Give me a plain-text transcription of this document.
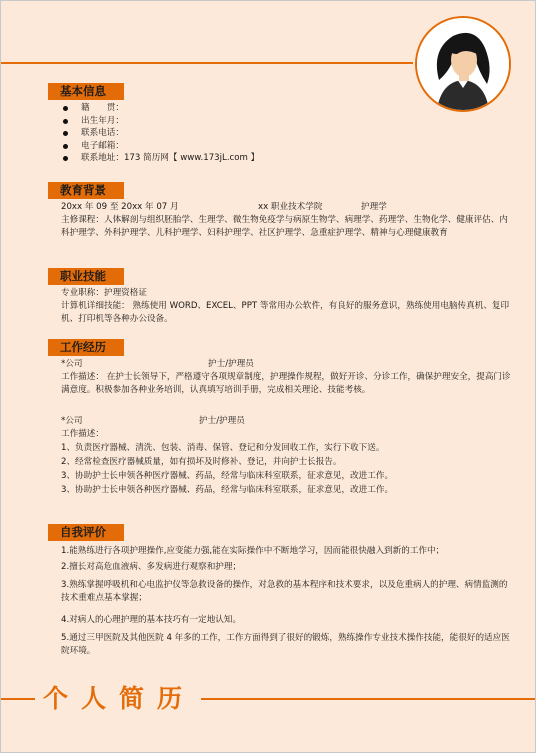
基本信息
籍　　贯：
出生年月：
联系电话：
电子邮箱：
联系地址：173 简历网【 www.173jL.com 】
教育背景
20xx 年 09 至 20xx 年 07 月	xx 职业技术学院	护理学
主修课程：人体解剖与组织胚胎学、生理学、微生物免疫学与病原生物学、病理学、药理学、生物化学、健康评估、内科护理学、外科护理学、儿科护理学、妇科护理学、社区护理学、急重症护理学、精神与心理健康教育
职业技能
专业职称：护理资格证
计算机详细技能： 熟练使用 WORD、EXCEL、PPT 等常用办公软件，有良好的服务意识，熟练使用电脑传真机、复印机、打印机等各种办公设备。
工作经历
*公司	护士/护理员
工作描述： 在护士长领导下，严格遵守各项规章制度，护理操作规程，做好开诊、分诊工作，确保护理安全，提高门诊满意度。积极参加各种业务培训，认真填写培训手册，完成相关理论、技能考核。
*公司	护士/护理员
工作描述：
1、负责医疗器械、清洗、包装、消毒、保管、登记和分发回收工作，实行下收下送。
2、经常检查医疗器械质量，如有损坏及时修补、登记，并向护士长报告。
3、协助护士长申领各种医疗器械、药品，经常与临床科室联系，征求意见，改进工作。
3、协助护士长申领各种医疗器械、药品，经常与临床科室联系，征求意见，改进工作。
自我评价
1.能熟练进行各项护理操作,应变能力强,能在实际操作中不断地学习，因而能很快融入到新的工作中；
2.擅长对高危血液病、多发病进行观察和护理；
3.熟练掌握呼吸机和心电监护仪等急救设备的操作，对急救的基本程序和技术要求，以及危重病人的护理、病情监测的技术重难点基本掌握；
4.对病人的心理护理的基本技巧有一定地认知。
5.通过三甲医院及其他医院 4 年多的工作，工作方面得到了很好的锻炼，熟练操作专业技术操作技能，能很好的适应医院环境。
个人简历
